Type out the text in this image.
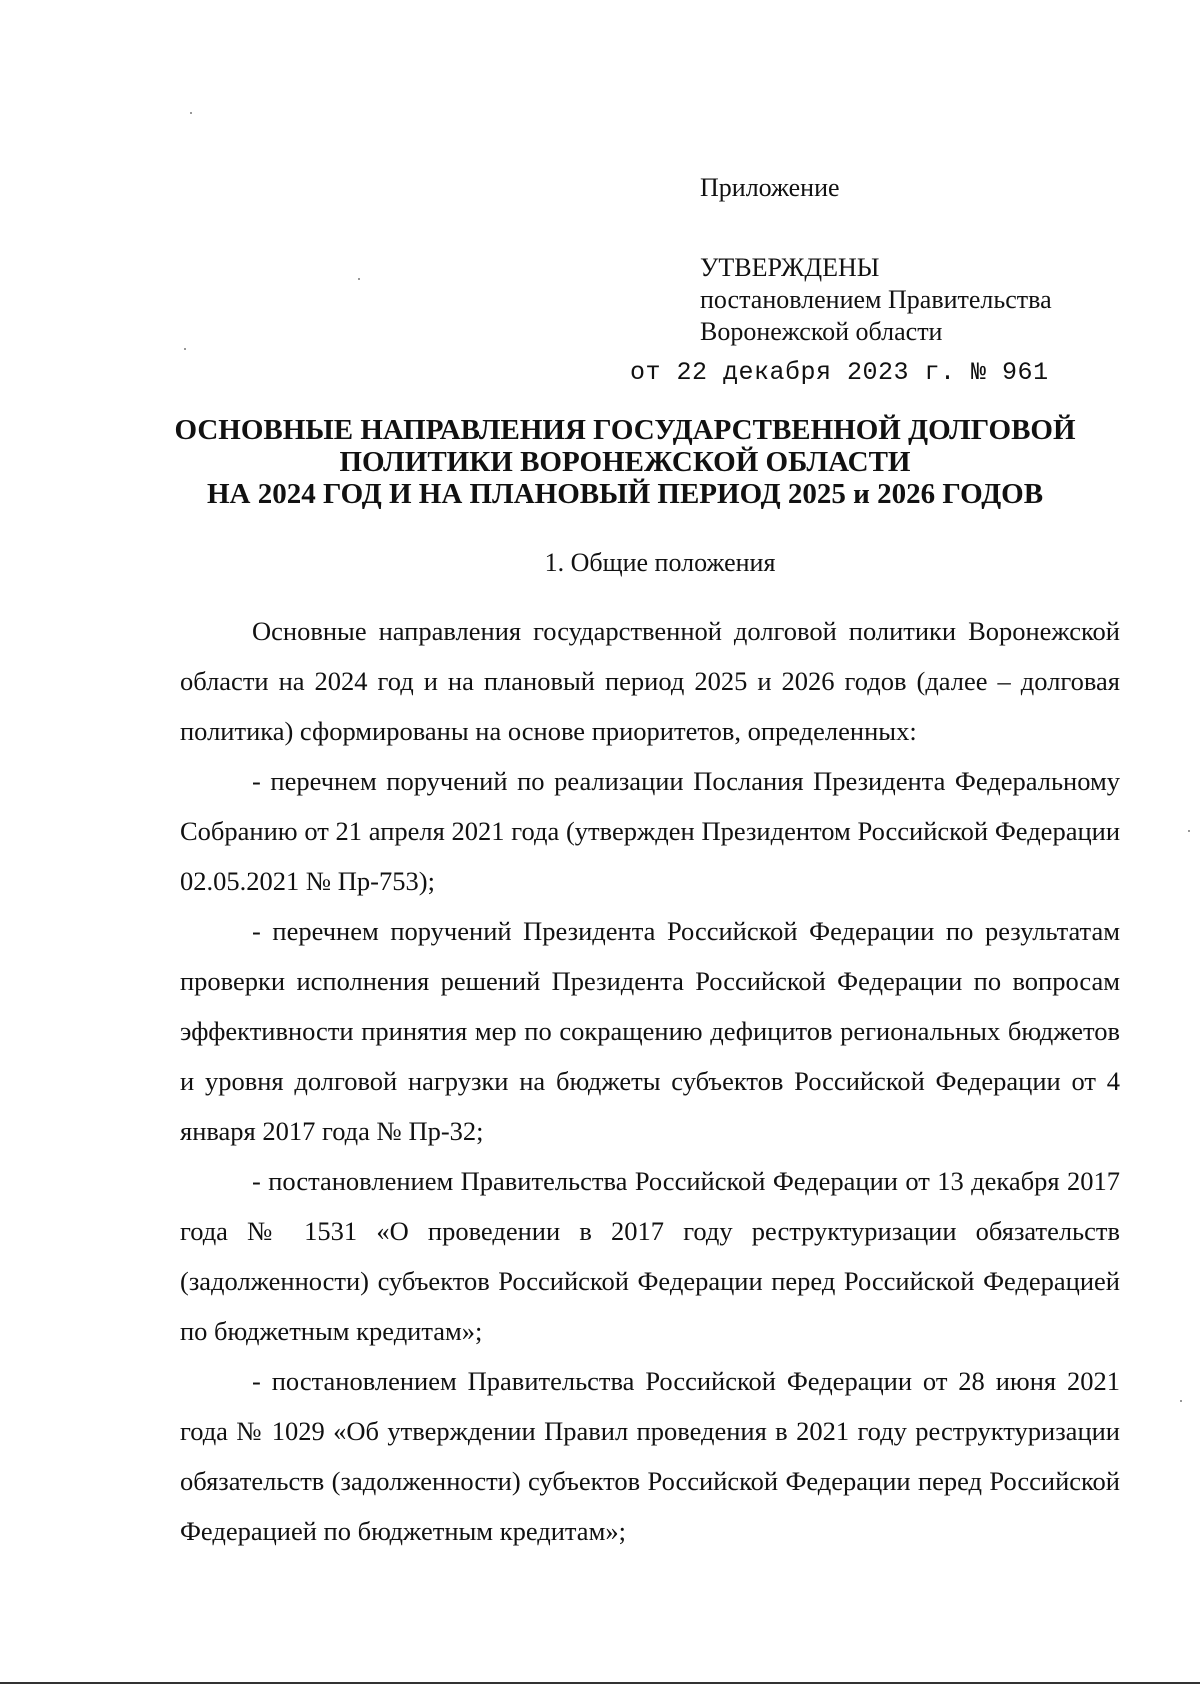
Приложение
УТВЕРЖДЕНЫ
постановлением Правительства
Воронежской области
от 22 декабря 2023 г. № 961
ОСНОВНЫЕ НАПРАВЛЕНИЯ ГОСУДАРСТВЕННОЙ ДОЛГОВОЙ
ПОЛИТИКИ ВОРОНЕЖСКОЙ ОБЛАСТИ
НА 2024 ГОД И НА ПЛАНОВЫЙ ПЕРИОД 2025 и 2026 ГОДОВ
1. Общие положения

Основные направления государственной долговой политики Воронежской области на 2024 год и на плановый период 2025 и 2026 годов (далее – долговая политика) сформированы на основе приоритетов, определенных:

- перечнем поручений по реализации Послания Президента Федеральному Собранию от 21 апреля 2021 года (утвержден Президентом Российской Федерации 02.05.2021 № Пр-753);

- перечнем поручений Президента Российской Федерации по результатам проверки исполнения решений Президента Российской Федерации по вопросам эффективности принятия мер по сокращению дефицитов региональных бюджетов и уровня долговой нагрузки на бюджеты субъектов Российской Федерации от 4 января 2017 года № Пр-32;

- постановлением Правительства Российской Федерации от 13 декабря 2017 года № 1531 «О проведении в 2017 году реструктуризации обязательств (задолженности) субъектов Российской Федерации перед Российской Федерацией по бюджетным кредитам»;

- постановлением Правительства Российской Федерации от 28 июня 2021 года № 1029 «Об утверждении Правил проведения в 2021 году реструктуризации обязательств (задолженности) субъектов Российской Федерации перед Российской Федерацией по бюджетным кредитам»;
